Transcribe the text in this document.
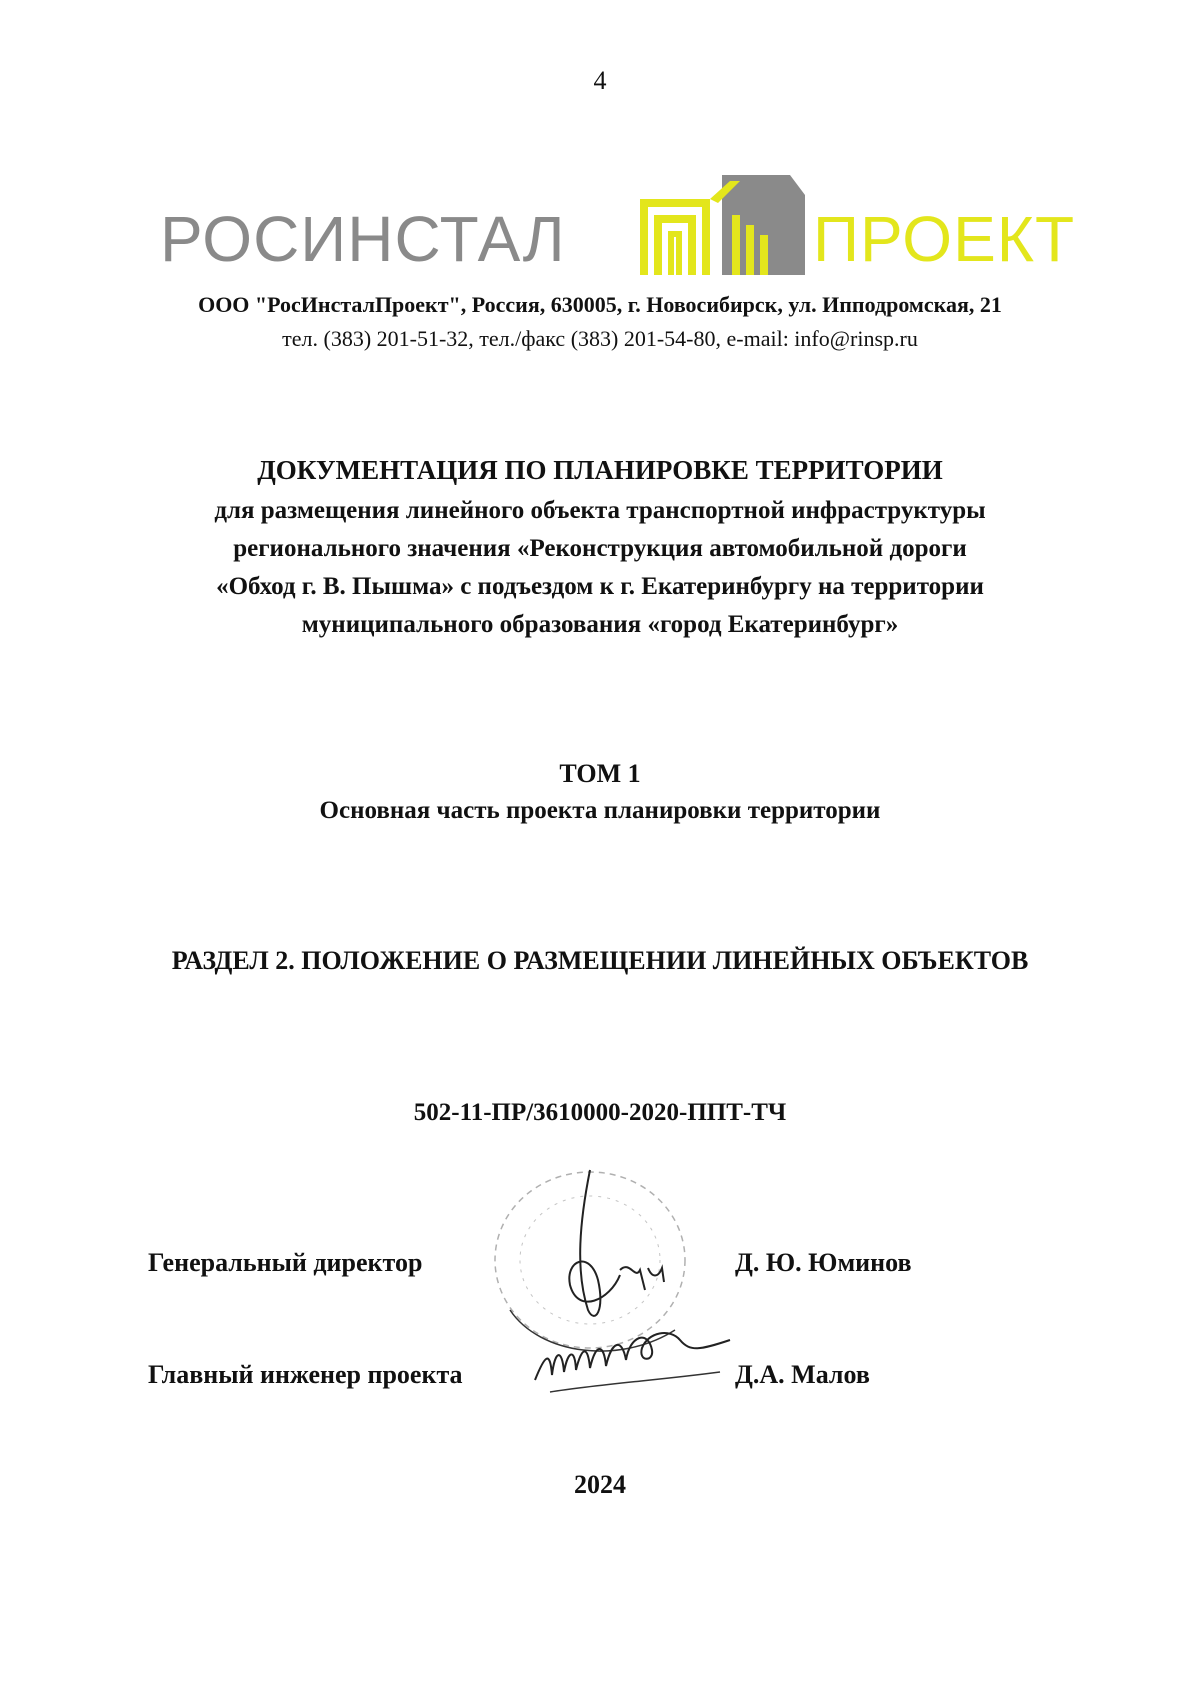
4
РОСИНСТАЛ	ПРОЕКТ
ООО "РосИнсталПроект", Россия, 630005, г. Новосибирск, ул. Ипподромская, 21
тел. (383) 201-51-32, тел./факс (383) 201-54-80, e-mail: info@rinsp.ru
ДОКУМЕНТАЦИЯ ПО ПЛАНИРОВКЕ ТЕРРИТОРИИ
для размещения линейного объекта транспортной инфраструктуры
регионального значения «Реконструкция автомобильной дороги
«Обход г. В. Пышма» с подъездом к г. Екатеринбургу на территории
муниципального образования «город Екатеринбург»
ТОМ 1
Основная часть проекта планировки территории
РАЗДЕЛ 2. ПОЛОЖЕНИЕ О РАЗМЕЩЕНИИ ЛИНЕЙНЫХ ОБЪЕКТОВ
502-11-ПР/3610000-2020-ППТ-ТЧ
Генеральный директор	Д. Ю. Юминов
Главный инженер проекта	Д.А. Малов
2024
